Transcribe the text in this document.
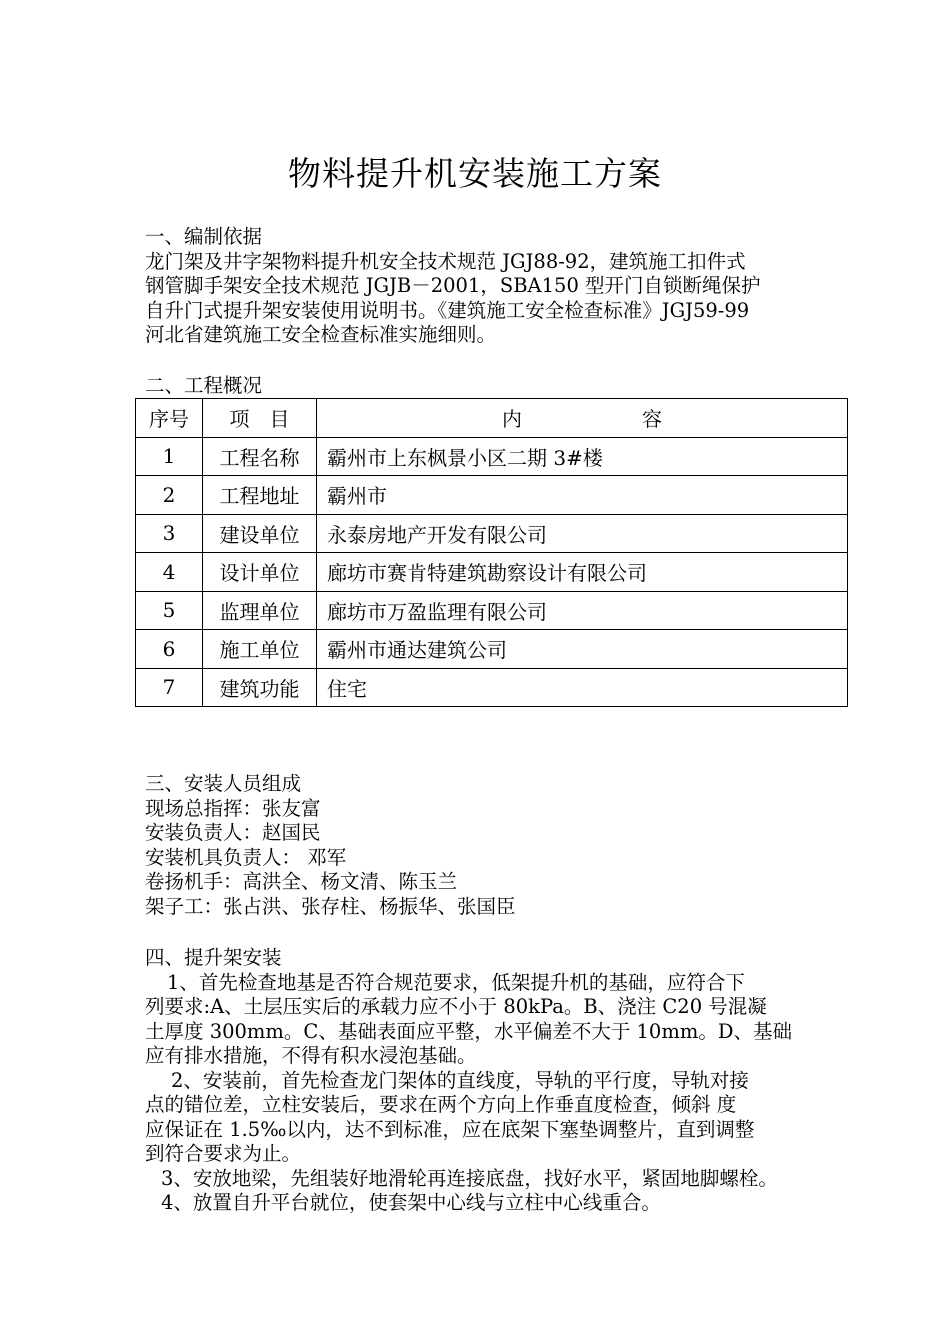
物料提升机安装施工方案

一、编制依据

龙门架及井字架物料提升机安全技术规范 JGJ88-92，建筑施工扣件式

钢管脚手架安全技术规范 JGJB－2001，SBA150 型开门自锁断绳保护

自升门式提升架安装使用说明书。《建筑施工安全检查标准》JGJ59-99

河北省建筑施工安全检查标准实施细则。

二、工程概况

序号	项　目	内 容
1	工程名称	霸州市上东枫景小区二期 3#楼
2	工程地址	霸州市
3	建设单位	永泰房地产开发有限公司
4	设计单位	廊坊市赛肯特建筑勘察设计有限公司
5	监理单位	廊坊市万盈监理有限公司
6	施工单位	霸州市通达建筑公司
7	建筑功能	住宅

三、安装人员组成

现场总指挥：张友富

安装负责人：赵国民

安装机具负责人： 邓军

卷扬机手：高洪全、杨文清、陈玉兰

架子工：张占洪、张存柱、杨振华、张国臣

四、提升架安装

1、首先检查地基是否符合规范要求，低架提升机的基础，应符合下

列要求:A、土层压实后的承载力应不小于 80kPa。B、浇注 C20 号混凝

土厚度 300mm。C、基础表面应平整，水平偏差不大于 10mm。D、基础

应有排水措施，不得有积水浸泡基础。

2、安装前，首先检查龙门架体的直线度，导轨的平行度，导轨对接

点的错位差，立柱安装后，要求在两个方向上作垂直度检查，倾斜 度

应保证在 1.5‰以内，达不到标准，应在底架下塞垫调整片，直到调整

到符合要求为止。

3、安放地梁，先组装好地滑轮再连接底盘，找好水平，紧固地脚螺栓。

4、放置自升平台就位，使套架中心线与立柱中心线重合。
